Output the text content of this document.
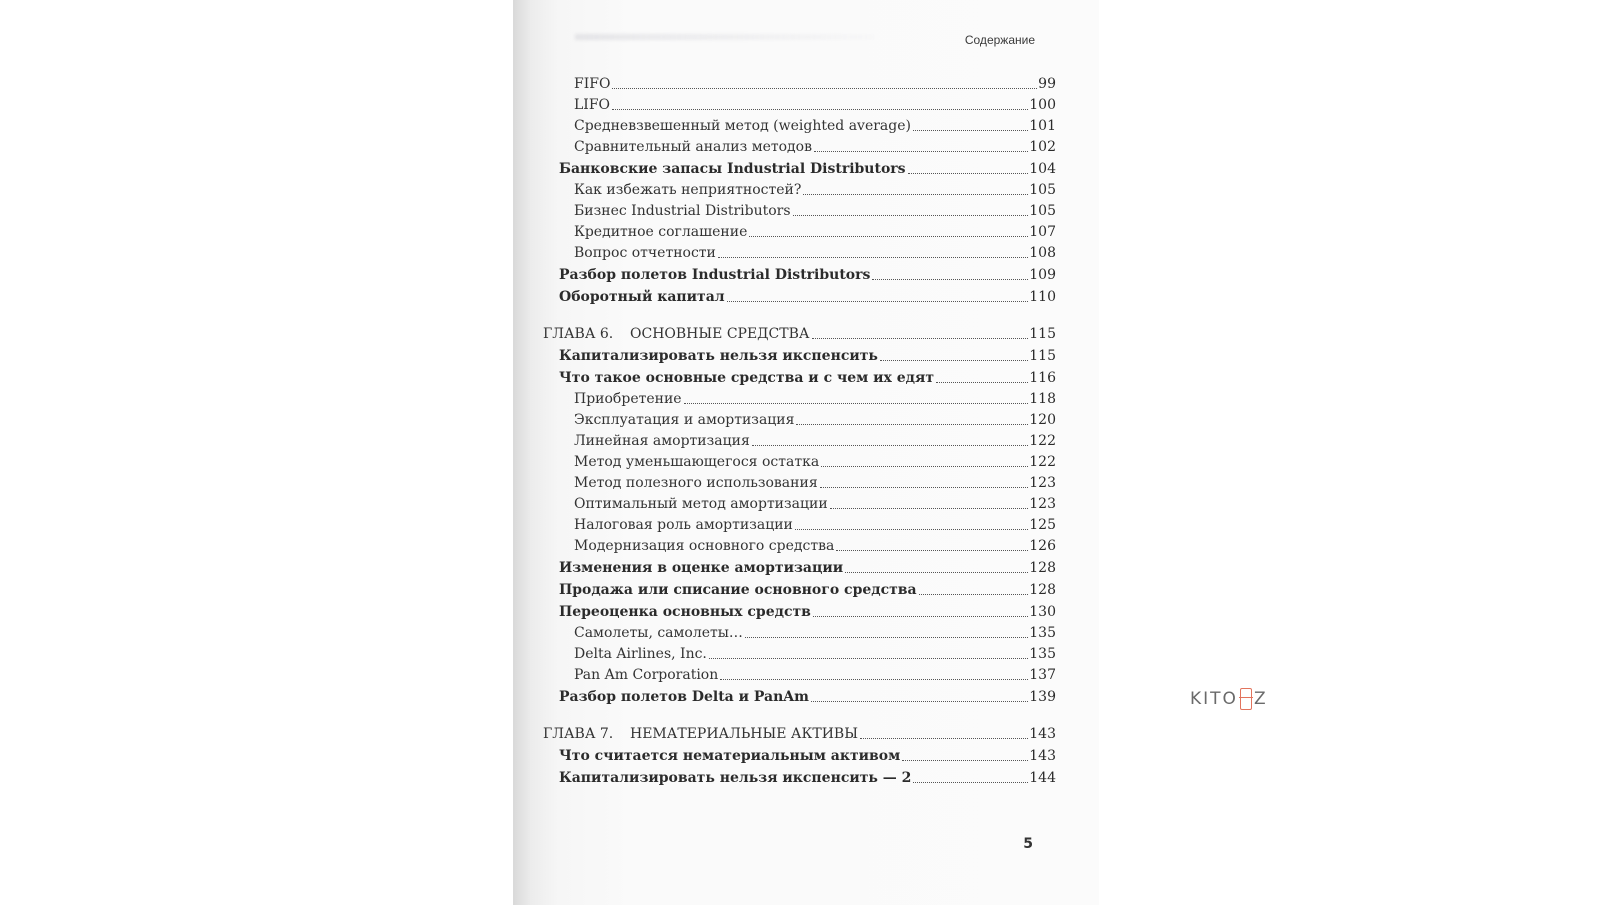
Содержание
FIFO	99
LIFO	100
Средневзвешенный метод (weighted average)	101
Сравнительный анализ методов	102
Банковские запасы Industrial Distributors	104
Как избежать неприятностей?	105
Бизнес Industrial Distributors	105
Кредитное соглашение	107
Вопрос отчетности	108
Разбор полетов Industrial Distributors	109
Оборотный капитал	110
ГЛАВА 6. ОСНОВНЫЕ СРЕДСТВА	115
Капитализировать нельзя икспенсить	115
Что такое основные средства и с чем их едят	116
Приобретение	118
Эксплуатация и амортизация	120
Линейная амортизация	122
Метод уменьшающегося остатка	122
Метод полезного использования	123
Оптимальный метод амортизации	123
Налоговая роль амортизации	125
Модернизация основного средства	126
Изменения в оценке амортизации	128
Продажа или списание основного средства	128
Переоценка основных средств	130
Самолеты, самолеты…	135
Delta Airlines, Inc.	135
Pan Am Corporation	137
Разбор полетов Delta и PanAm	139
ГЛАВА 7. НЕМАТЕРИАЛЬНЫЕ АКТИВЫ	143
Что считается нематериальным активом	143
Капитализировать нельзя икспенсить — 2	144
5
KITO Z
